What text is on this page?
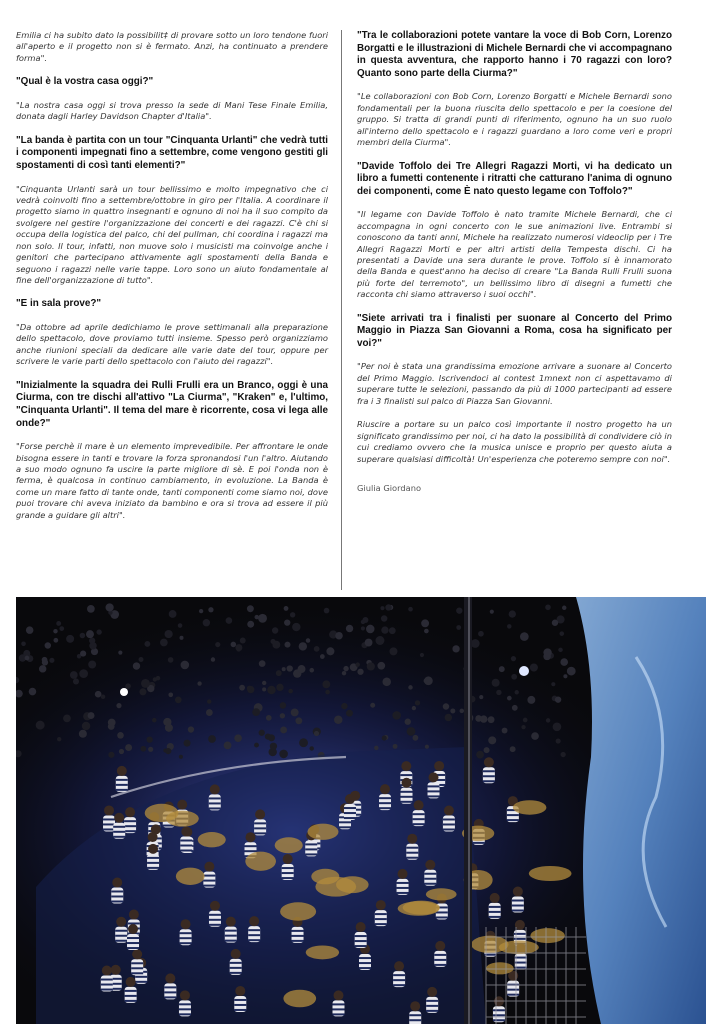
Emilia ci ha subito dato la possibilit‡ di provare sotto un loro tendone fuori all'aperto e il progetto non si è fermato. Anzi, ha continuato a prendere forma".

"Qual è la vostra casa oggi?"

"La nostra casa oggi si trova presso la sede di Mani Tese Finale Emilia, donata dagli Harley Davidson Chapter d'Italia".

"La banda è partita con un tour "Cinquanta Urlanti" che vedrà tutti i componenti impegnati fino a settembre, come vengono gestiti gli spostamenti di così tanti elementi?"

"Cinquanta Urlanti sarà un tour bellissimo e molto impegnativo che ci vedrà coinvolti fino a settembre/ottobre in giro per l'Italia. A coordinare il progetto siamo in quattro insegnanti e ognuno di noi ha il suo compito da svolgere nel gestire l'organizzazione dei concerti e dei ragazzi. C'è chi si occupa della logistica del palco, chi del pullman, chi coordina i ragazzi ma non solo. Il tour, infatti, non muove solo i musicisti ma coinvolge anche i genitori che partecipano attivamente agli spostamenti della Banda e seguono i ragazzi nelle varie tappe. Loro sono un aiuto fondamentale al fine dell'organizzazione di tutto".

"E in sala prove?"

"Da ottobre ad aprile dedichiamo le prove settimanali alla preparazione dello spettacolo, dove proviamo tutti insieme. Spesso però organizziamo anche riunioni speciali da dedicare alle varie date del tour, oppure per scrivere le varie parti dello spettacolo con l'aiuto dei ragazzi".

"Inizialmente la squadra dei Rulli Frulli era un Branco, oggi è una Ciurma, con tre dischi all'attivo "La Ciurma", "Kraken" e, l'ultimo, "Cinquanta Urlanti". Il tema del mare è ricorrente, cosa vi lega alle onde?"

"Forse perchè il mare è un elemento imprevedibile. Per affrontare le onde bisogna essere in tanti e trovare la forza spronandosi l'un l'altro. Aiutando a suo modo ognuno fa uscire la parte migliore di sè. E poi l'onda non è ferma, è qualcosa in continuo cambiamento, in evoluzione. La Banda è come un mare fatto di tante onde, tanti componenti come siamo noi, dove puoi trovare chi aveva iniziato da bambino e ora si trova ad essere il più grande a guidare gli altri".

"Tra le collaborazioni potete vantare la voce di Bob Corn, Lorenzo Borgatti e le illustrazioni di Michele Bernardi che vi accompagnano in questa avventura, che rapporto hanno i 70 ragazzi con loro? Quanto sono parte della Ciurma?"

"Le collaborazioni con Bob Corn, Lorenzo Borgatti e Michele Bernardi sono fondamentali per la buona riuscita dello spettacolo e per la coesione del gruppo. Si tratta di grandi punti di riferimento, ognuno ha un suo ruolo all'interno dello spettacolo e i ragazzi guardano a loro come veri e propri membri della Ciurma".

"Davide Toffolo dei Tre Allegri Ragazzi Morti, vi ha dedicato un libro a fumetti contenente i ritratti che catturano l'anima di ognuno dei componenti, come È nato questo legame con Toffolo?"

"Il legame con Davide Toffolo è nato tramite Michele Bernardi, che ci accompagna in ogni concerto con le sue animazioni live. Entrambi si conoscono da tanti anni, Michele ha realizzato numerosi videoclip per i Tre Allegri Ragazzi Morti e per altri artisti della Tempesta dischi. Ci ha presentati a Davide una sera durante le prove. Toffolo si è innamorato della Banda e quest'anno ha deciso di creare "La Banda Rulli Frulli suona più forte del terremoto", un bellissimo libro di disegni a fumetti che racconta chi siamo attraverso i suoi occhi".

"Siete arrivati tra i finalisti per suonare al Concerto del Primo Maggio in Piazza San Giovanni a Roma, cosa ha significato per voi?"

"Per noi è stata una grandissima emozione arrivare a suonare al Concerto del Primo Maggio. Iscrivendoci al contest 1mnext non ci aspettavamo di superare tutte le selezioni, passando da più di 1000 partecipanti ad essere fra i 3 finalisti sul palco di Piazza San Giovanni.

Riuscire a portare su un palco così importante il nostro progetto ha un significato grandissimo per noi, ci ha dato la possibilità di condividere ciò in cui crediamo ovvero che la musica unisce e proprio per questo aiuta a superare qualsiasi difficoltà! Un'esperienza che poteremo sempre con noi".

Giulia Giordano
